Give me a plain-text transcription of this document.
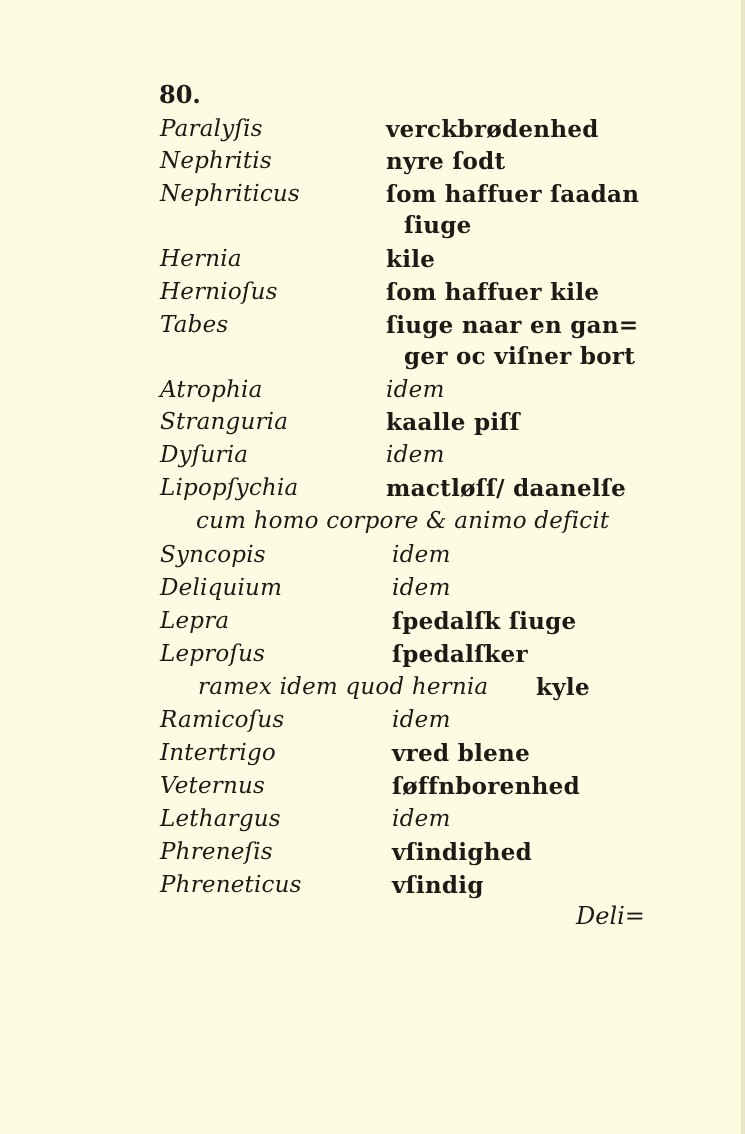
80.
Paralyſis	verckbrødenhed
Nephritis	nyre ſodt
Nephriticus	ſom haffuer ſaadan
ſiuge
Hernia	kile
Hernioſus	ſom haffuer kile
Tabes	ſiuge naar en gan=
ger oc viſner bort
Atrophia	idem
Stranguria	kaalle piſſ
Dyſuria	idem
Lipopſychia	mactløſſ/ daanelſe
cum homo corpore & animo deficit
Syncopis	idem
Deliquium	idem
Lepra	ſpedalſk ſiuge
Leproſus	ſpedalſker
ramex idem quod hernia kyle
Ramicoſus	idem
Intertrigo	vred blene
Veternus	ſøffnborenhed
Lethargus	idem
Phreneſis	vſindighed
Phreneticus	vſindig
Deli=
